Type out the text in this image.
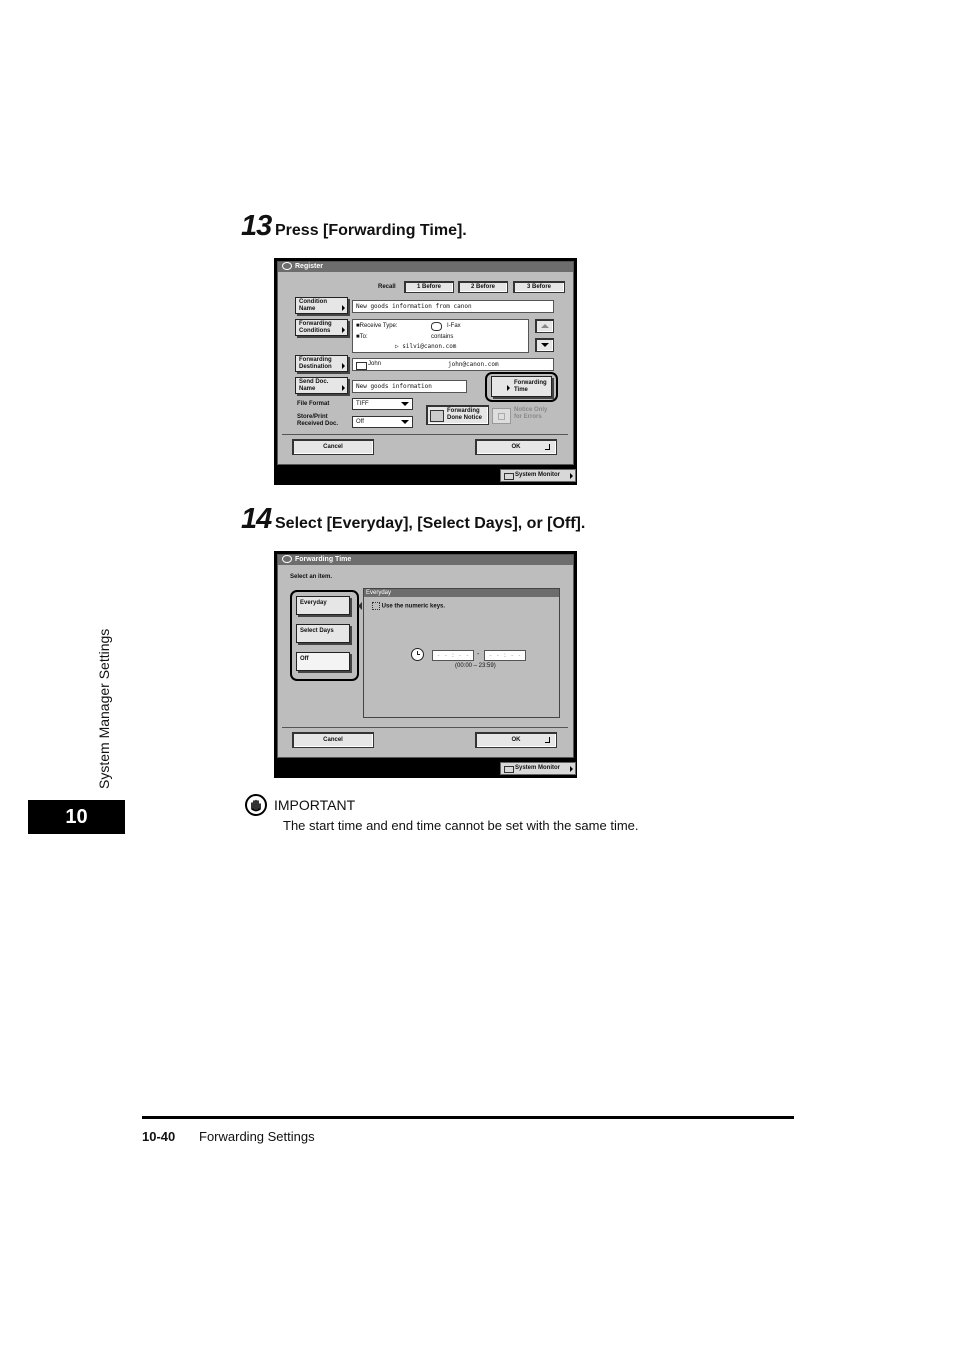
System Manager Settings
10
13 Press [Forwarding Time].
Register
Recall	1 Before	2 Before	3 Before
Condition
Name	New goods information from canon
Forwarding
Conditions
■Receive Type:	I-Fax
■To:	contains
▷ silvi@canon.com
Forwarding
Destination	John	john@canon.com
Send Doc.
Name	New goods information	Forwarding
Time
File Format	TIFF
Store/Print
Received Doc.	Off
Forwarding
Done Notice
Notice Only
for Errors
Cancel	OK
System Monitor
14 Select [Everyday], [Select Days], or [Off].
Forwarding Time
Select an item.
Everyday
Select Days
Off
Everyday
Use the numeric keys.
- - : - -	-	- - : - -
(00:00 – 23:59)
Cancel	OK
System Monitor
IMPORTANT
The start time and end time cannot be set with the same time.
10-40 Forwarding Settings
